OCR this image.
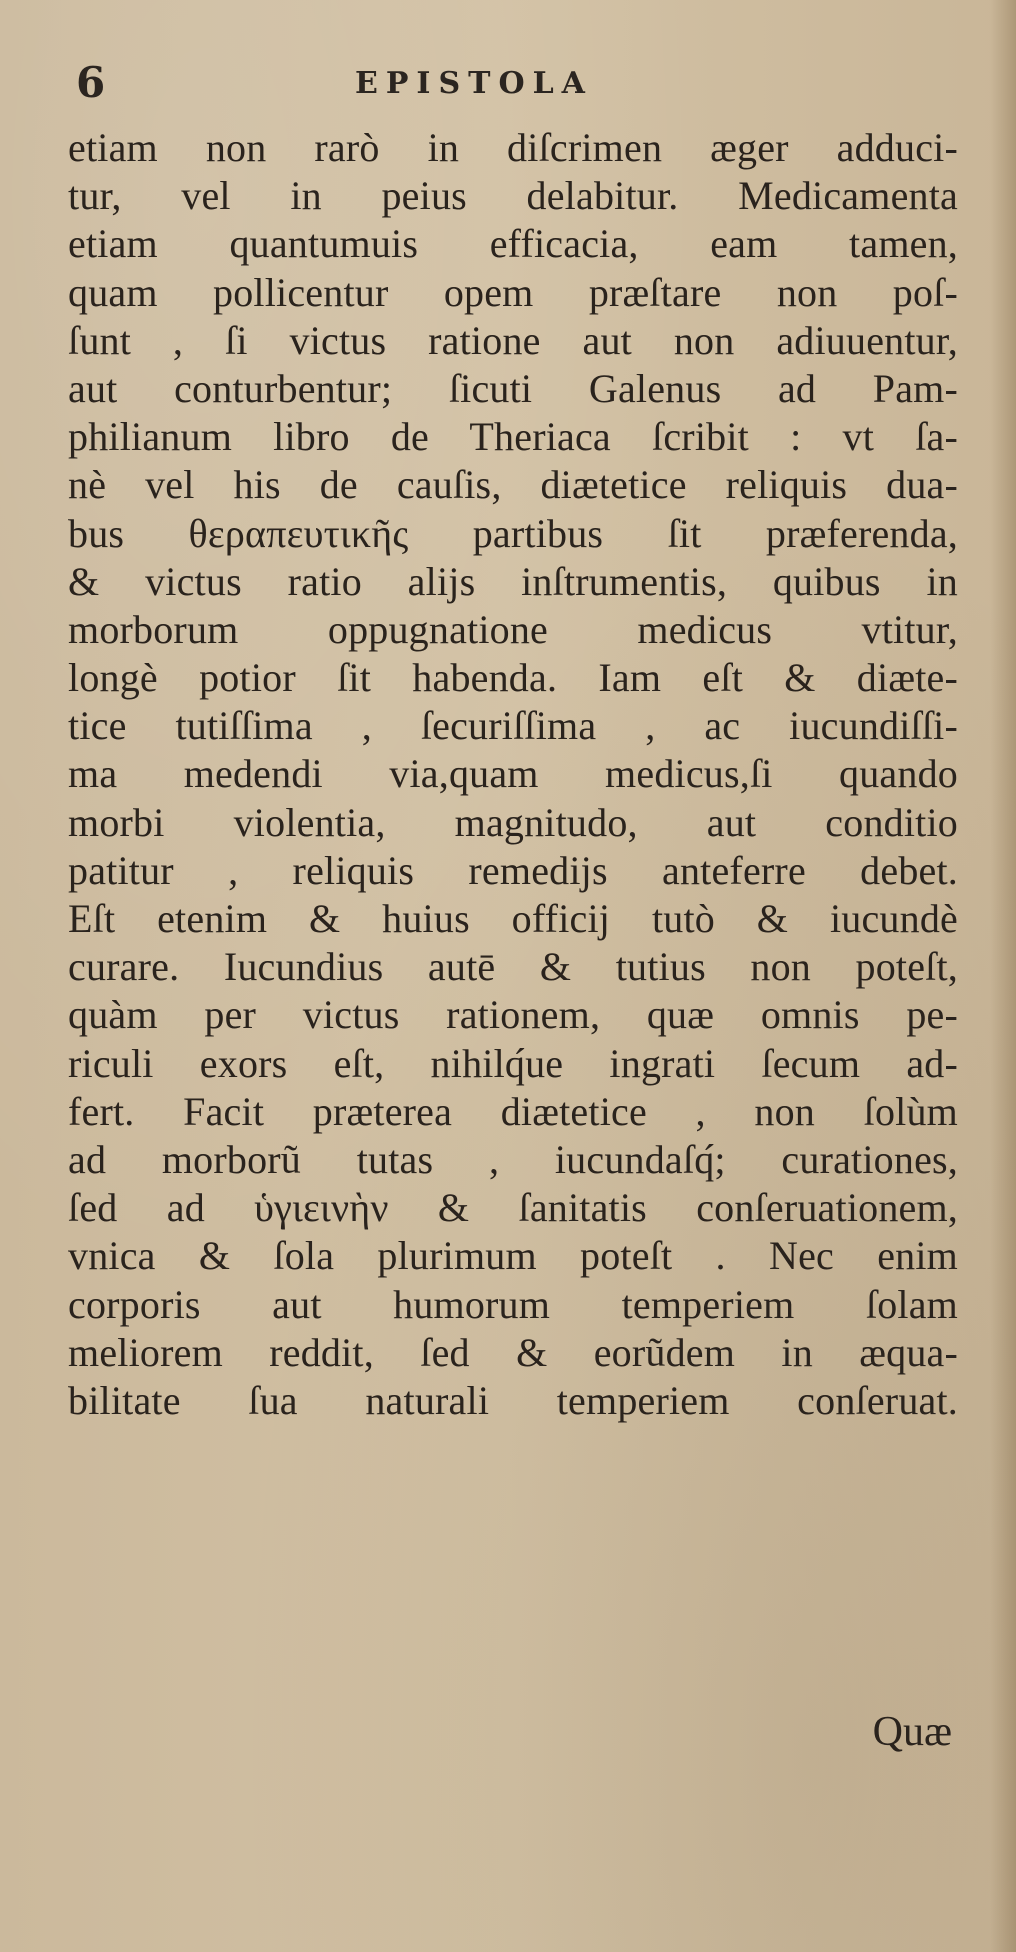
6	EPISTOLA
etiam non rarò in diſcrimen æger adduci-
tur, vel in peius delabitur. Medicamenta
etiam quantumuis efficacia, eam tamen,
quam pollicentur opem præſtare non poſ-
ſunt , ſi victus ratione aut non adiuuentur,
aut conturbentur; ſicuti Galenus ad Pam-
philianum libro de Theriaca ſcribit : vt ſa-
nè vel his de cauſis, diætetice reliquis dua-
bus θεραπευτικῆς partibus ſit præferenda,
& victus ratio alijs inſtrumentis, quibus in
morborum oppugnatione medicus vtitur,
longè potior ſit habenda. Iam eſt & diæte-
tice tutiſſima , ſecuriſſima , ac iucundiſſi-
ma medendi via,quam medicus,ſi quando
morbi violentia, magnitudo, aut conditio
patitur , reliquis remedijs anteferre debet.
Eſt etenim & huius officij tutò & iucundè
curare. Iucundius autē & tutius non poteſt,
quàm per victus rationem, quæ omnis pe-
riculi exors eſt, nihilq́ue ingrati ſecum ad-
fert. Facit præterea diætetice , non ſolùm
ad morborũ tutas , iucundaſq́; curationes,
ſed ad ὑγιεινὴν & ſanitatis conſeruationem,
vnica & ſola plurimum poteſt . Nec enim
corporis aut humorum temperiem ſolam
meliorem reddit, ſed & eorũdem in æqua-
bilitate ſua naturali temperiem conſeruat.
Quæ
